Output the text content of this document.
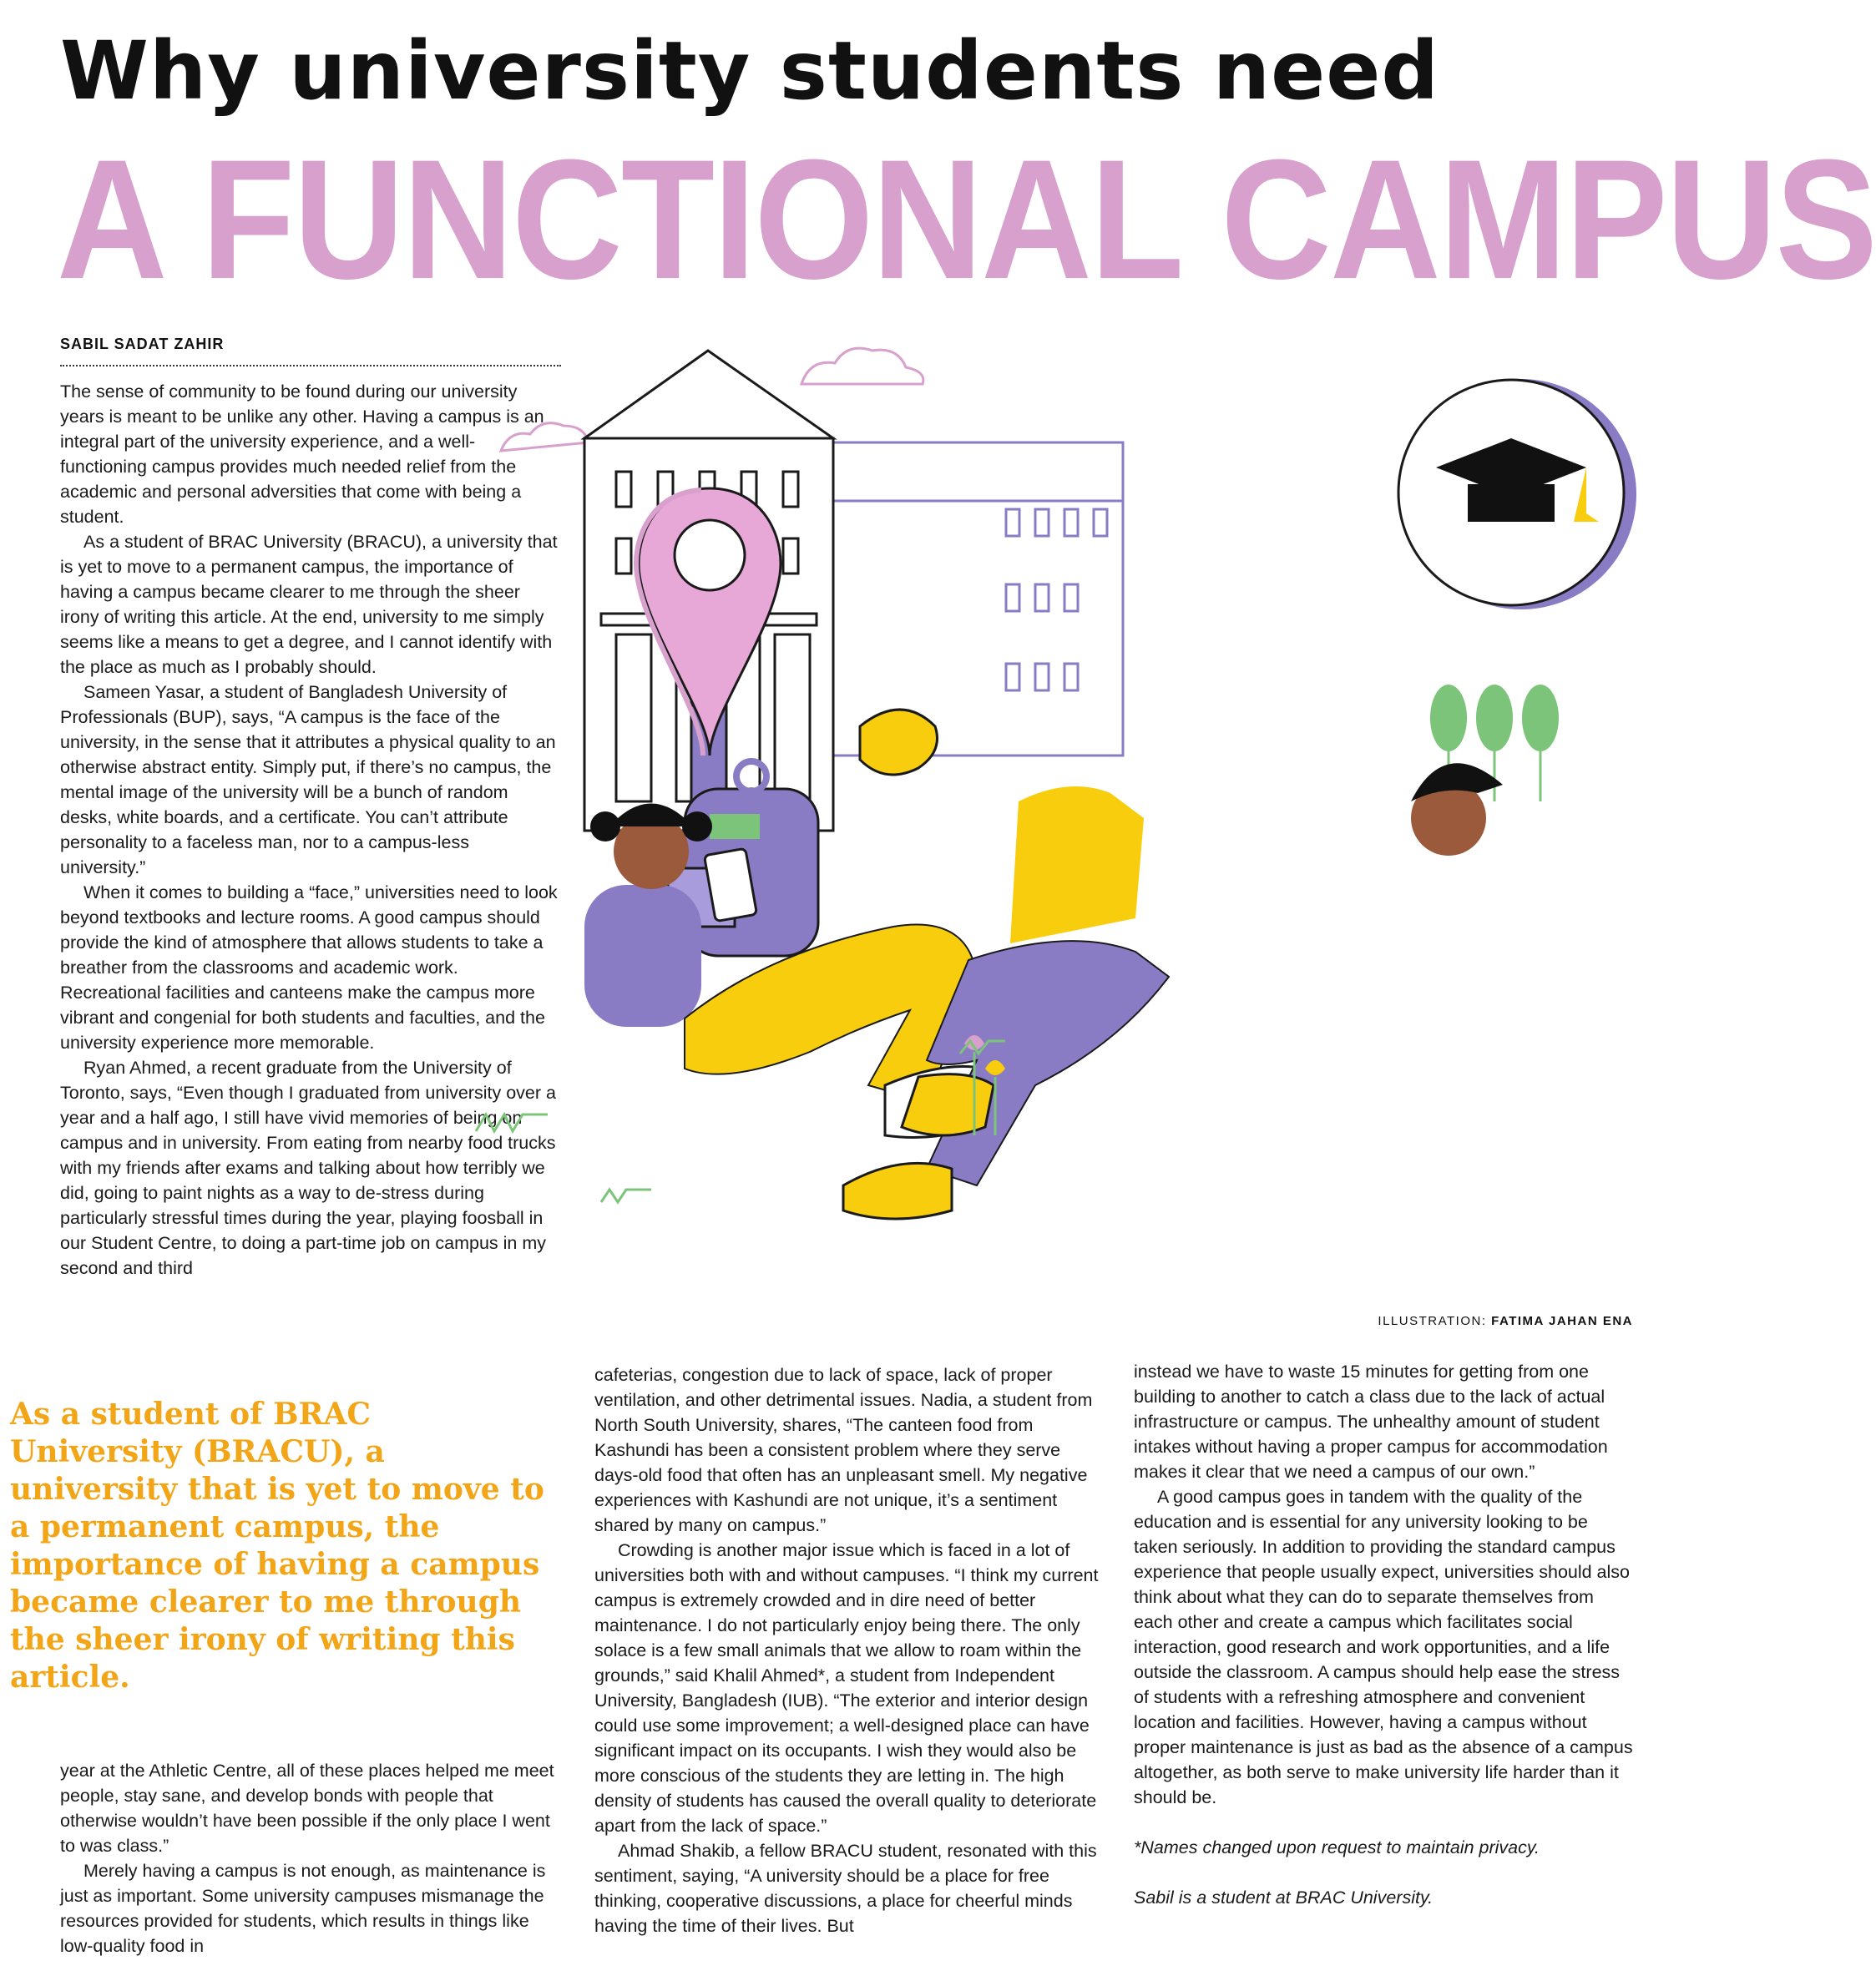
Why university students need
A FUNCTIONAL CAMPUS
SABIL SADAT ZAHIR

The sense of community to be found during our university years is meant to be unlike any other. Having a campus is an integral part of the university experience, and a well-functioning campus provides much needed relief from the academic and personal adversities that come with being a student.

As a student of BRAC University (BRACU), a university that is yet to move to a permanent campus, the importance of having a campus became clearer to me through the sheer irony of writing this article. At the end, university to me simply seems like a means to get a degree, and I cannot identify with the place as much as I probably should.

Sameen Yasar, a student of Bangladesh University of Professionals (BUP), says, “A campus is the face of the university, in the sense that it attributes a physical quality to an otherwise abstract entity. Simply put, if there’s no campus, the mental image of the university will be a bunch of random desks, white boards, and a certificate. You can’t attribute personality to a faceless man, nor to a campus-less university.”

When it comes to building a “face,” universities need to look beyond textbooks and lecture rooms. A good campus should provide the kind of atmosphere that allows students to take a breather from the classrooms and academic work. Recreational facilities and canteens make the campus more vibrant and congenial for both students and faculties, and the university experience more memorable.

Ryan Ahmed, a recent graduate from the University of Toronto, says, “Even though I graduated from university over a year and a half ago, I still have vivid memories of being on campus and in university. From eating from nearby food trucks with my friends after exams and talking about how terribly we did, going to paint nights as a way to de-stress during particularly stressful times during the year, playing foosball in our Student Centre, to doing a part-time job on campus in my second and third

As a student of BRAC University (BRACU), a university that is yet to move to a permanent campus, the importance of having a campus became clearer to me through the sheer irony of writing this article.

year at the Athletic Centre, all of these places helped me meet people, stay sane, and develop bonds with people that otherwise wouldn’t have been possible if the only place I went to was class.”

Merely having a campus is not enough, as maintenance is just as important. Some university campuses mismanage the resources provided for students, which results in things like low-quality food in

cafeterias, congestion due to lack of space, lack of proper ventilation, and other detrimental issues. Nadia, a student from North South University, shares, “The canteen food from Kashundi has been a consistent problem where they serve days-old food that often has an unpleasant smell. My negative experiences with Kashundi are not unique, it’s a sentiment shared by many on campus.”

Crowding is another major issue which is faced in a lot of universities both with and without campuses. “I think my current campus is extremely crowded and in dire need of better maintenance. I do not particularly enjoy being there. The only solace is a few small animals that we allow to roam within the grounds,” said Khalil Ahmed*, a student from Independent University, Bangladesh (IUB). “The exterior and interior design could use some improvement; a well-designed place can have significant impact on its occupants. I wish they would also be more conscious of the students they are letting in. The high density of students has caused the overall quality to deteriorate apart from the lack of space.”

Ahmad Shakib, a fellow BRACU student, resonated with this sentiment, saying, “A university should be a place for free thinking, cooperative discussions, a place for cheerful minds having the time of their lives. But

instead we have to waste 15 minutes for getting from one building to another to catch a class due to the lack of actual infrastructure or campus. The unhealthy amount of student intakes without having a proper campus for accommodation makes it clear that we need a campus of our own.”

A good campus goes in tandem with the quality of the education and is essential for any university looking to be taken seriously. In addition to providing the standard campus experience that people usually expect, universities should also think about what they can do to separate themselves from each other and create a campus which facilitates social interaction, good research and work opportunities, and a life outside the classroom. A campus should help ease the stress of students with a refreshing atmosphere and convenient location and facilities. However, having a campus without proper maintenance is just as bad as the absence of a campus altogether, as both serve to make university life harder than it should be.

*Names changed upon request to maintain privacy.

Sabil is a student at BRAC University.

ILLUSTRATION: FATIMA JAHAN ENA
